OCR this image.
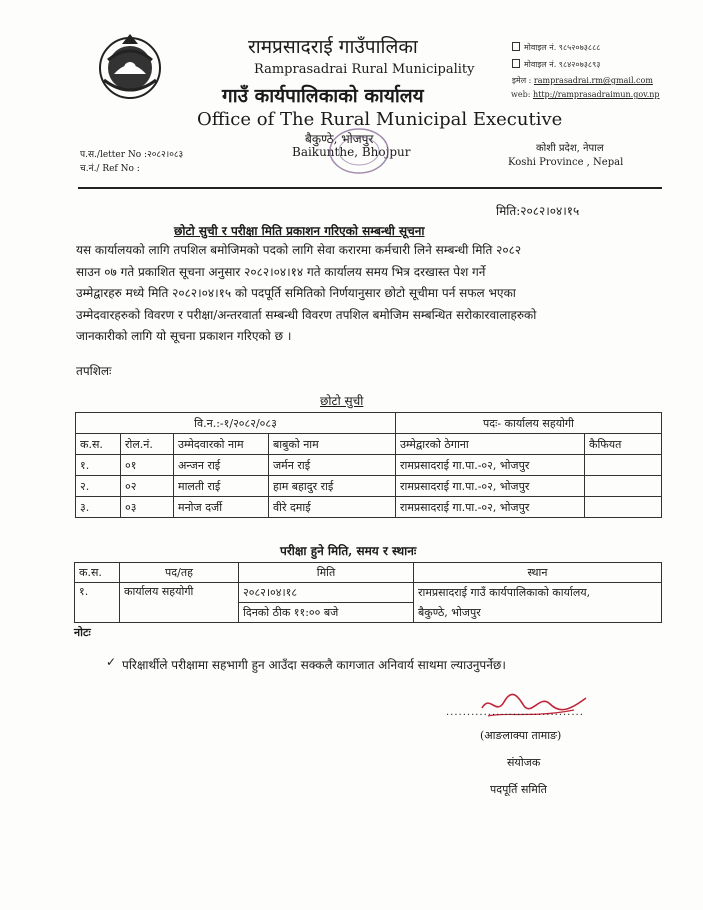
रामप्रसादराई गाउँपालिका
Ramprasadrai Rural Municipality
गाउँ कार्यपालिकाको कार्यालय
Office of The Rural Municipal Executive
बैकुण्ठे, भोजपुर
Baikunthe, Bhojpur
मोवाइल नं. ९८५२०७३८८८
मोवाइल नं. ९८४२०७३८९३
इमेल : ramprasadrai.rm@gmail.com
web: http://ramprasadraimun.gov.np
प.स./letter No :२०८२।०८३
च.नं./ Ref No :
कोशी प्रदेश, नेपाल
Koshi Province , Nepal
मिति:२०८२।०४।१५
छोटो सुची र परीक्षा मिति प्रकाशन गरिएको सम्बन्धी सूचना
यस कार्यालयको लागि तपशिल बमोजिमको पदको लागि सेवा करारमा कर्मचारी लिने सम्बन्धी मिति २०८२
साउन ०७ गते प्रकाशित सूचना अनुसार २०८२।०४।१४ गते कार्यालय समय भित्र दरखास्त पेश गर्ने
उम्मेद्वारहरु मध्ये मिति २०८२।०४।१५ को पदपूर्ति समितिको निर्णयानुसार छोटो सूचीमा पर्न सफल भएका
उम्मेदवारहरुको विवरण र परीक्षा/अन्तरवार्ता सम्बन्धी विवरण तपशिल बमोजिम सम्बन्धित सरोकारवालाहरुको
जानकारीको लागि यो सूचना प्रकाशन गरिएको छ ।
तपशिलः
छोटो सुची
वि.न.:-१/२०८२/०८३				पदः- कार्यालय सहयोगी	
क.स.	रोल.नं.	उम्मेदवारको नाम	बाबुको नाम	उम्मेद्वारको ठेगाना	कैफियत
१.	०१	अन्जन राई	जर्मन राई	रामप्रसादराई गा.पा.-०२, भोजपुर	
२.	०२	मालती राई	हाम बहादुर राई	रामप्रसादराई गा.पा.-०२, भोजपुर	
३.	०३	मनोज दर्जी	वीरे दमाई	रामप्रसादराई गा.पा.-०२, भोजपुर	
परीक्षा हुने मिति, समय र स्थानः
क.स.	पद/तह	मिति	स्थान
१.	कार्यालय सहयोगी	२०८२।०४।१८	रामप्रसादराई गाउँ कार्यपालिकाको कार्यालय,
		दिनको ठीक ११:०० बजे	बैकुण्ठे, भोजपुर
नोटः
✓ परिक्षार्थीले परीक्षामा सहभागी हुन आउँदा सक्कलै कागजात अनिवार्य साथमा ल्याउनुपर्नेछ।
.................................
(आङलाक्पा तामाङ)
संयोजक
पदपूर्ति समिति
